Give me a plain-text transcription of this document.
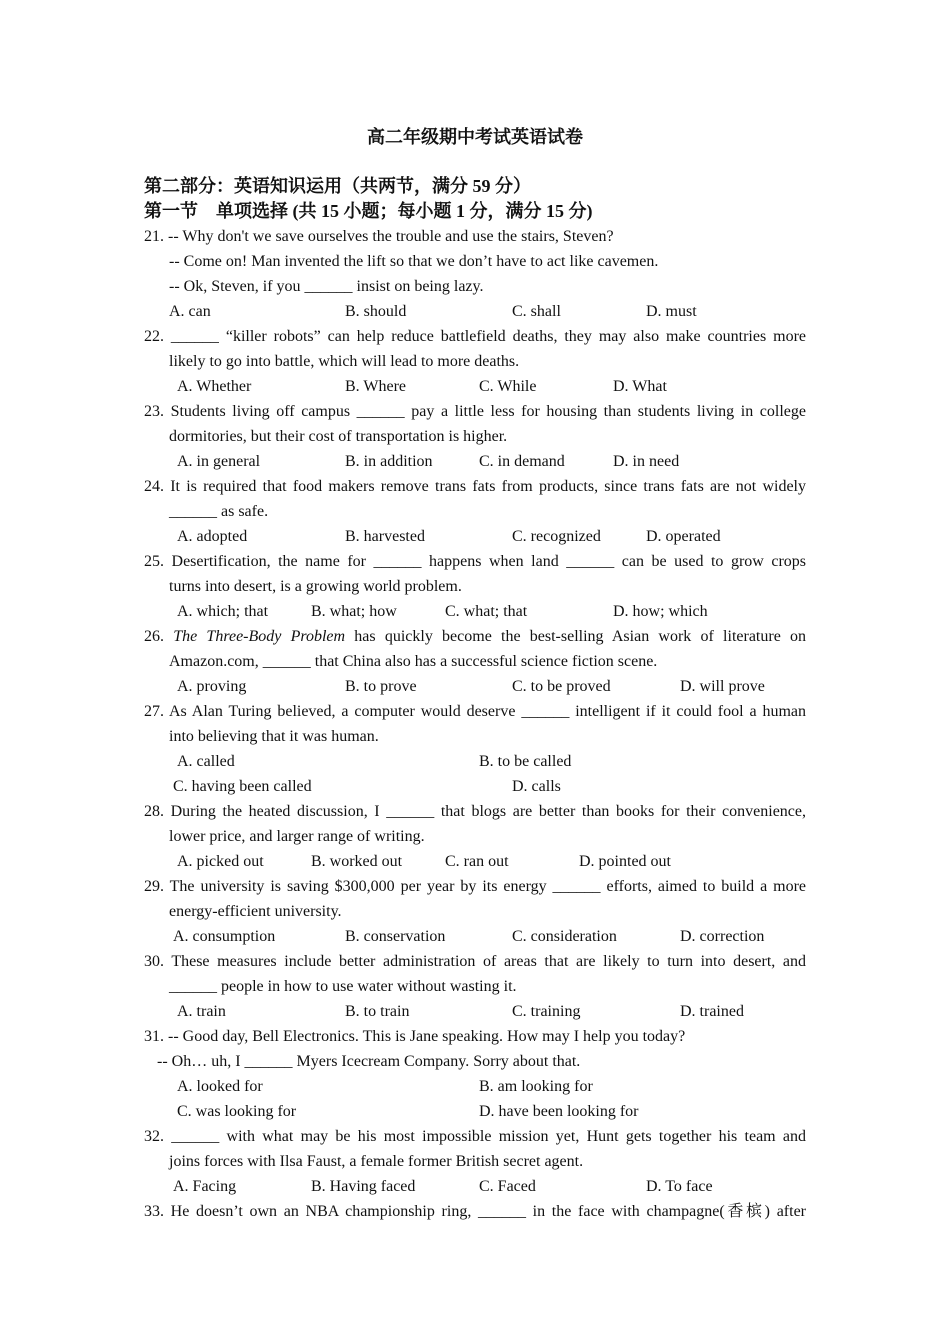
高二年级期中考试英语试卷
第二部分：英语知识运用（共两节，满分 59 分）
第一节　单项选择 (共 15 小题；每小题 1 分，满分 15 分)
21. -- Why don't we save ourselves the trouble and use the stairs, Steven?
-- Come on! Man invented the lift so that we don’t have to act like cavemen.
-- Ok, Steven, if you ______ insist on being lazy.
A. can	B. should	C. shall	D. must
22. ______ “killer robots” can help reduce battlefield deaths, they may also make countries more
likely to go into battle, which will lead to more deaths.
A. Whether	B. Where	C. While	D. What
23. Students living off campus ______ pay a little less for housing than students living in college
dormitories, but their cost of transportation is higher.
A. in general	B. in addition	C. in demand	D. in need
24. It is required that food makers remove trans fats from products, since trans fats are not widely
______ as safe.
A. adopted	B. harvested	C. recognized	D. operated
25. Desertification, the name for ______ happens when land ______ can be used to grow crops
turns into desert, is a growing world problem.
A. which; that	B. what; how	C. what; that	D. how; which
26. The Three-Body Problem has quickly become the best-selling Asian work of literature on
Amazon.com, ______ that China also has a successful science fiction scene.
A. proving	B. to prove	C. to be proved	D. will prove
27. As Alan Turing believed, a computer would deserve ______ intelligent if it could fool a human
into believing that it was human.
A. called	B. to be called
C. having been called	D. calls
28. During the heated discussion, I ______ that blogs are better than books for their convenience,
lower price, and larger range of writing.
A. picked out	B. worked out	C. ran out	D. pointed out
29. The university is saving $300,000 per year by its energy ______ efforts, aimed to build a more
energy-efficient university.
A. consumption	B. conservation	C. consideration	D. correction
30. These measures include better administration of areas that are likely to turn into desert, and
______ people in how to use water without wasting it.
A. train	B. to train	C. training	D. trained
31. -- Good day, Bell Electronics. This is Jane speaking. How may I help you today?
-- Oh… uh, I ______ Myers Icecream Company. Sorry about that.
A. looked for	B. am looking for
C. was looking for	D. have been looking for
32. ______ with what may be his most impossible mission yet, Hunt gets together his team and
joins forces with Ilsa Faust, a female former British secret agent.
A. Facing	B. Having faced	C. Faced	D. To face
33. He doesn’t own an NBA championship ring, ______ in the face with champagne(香槟) after
